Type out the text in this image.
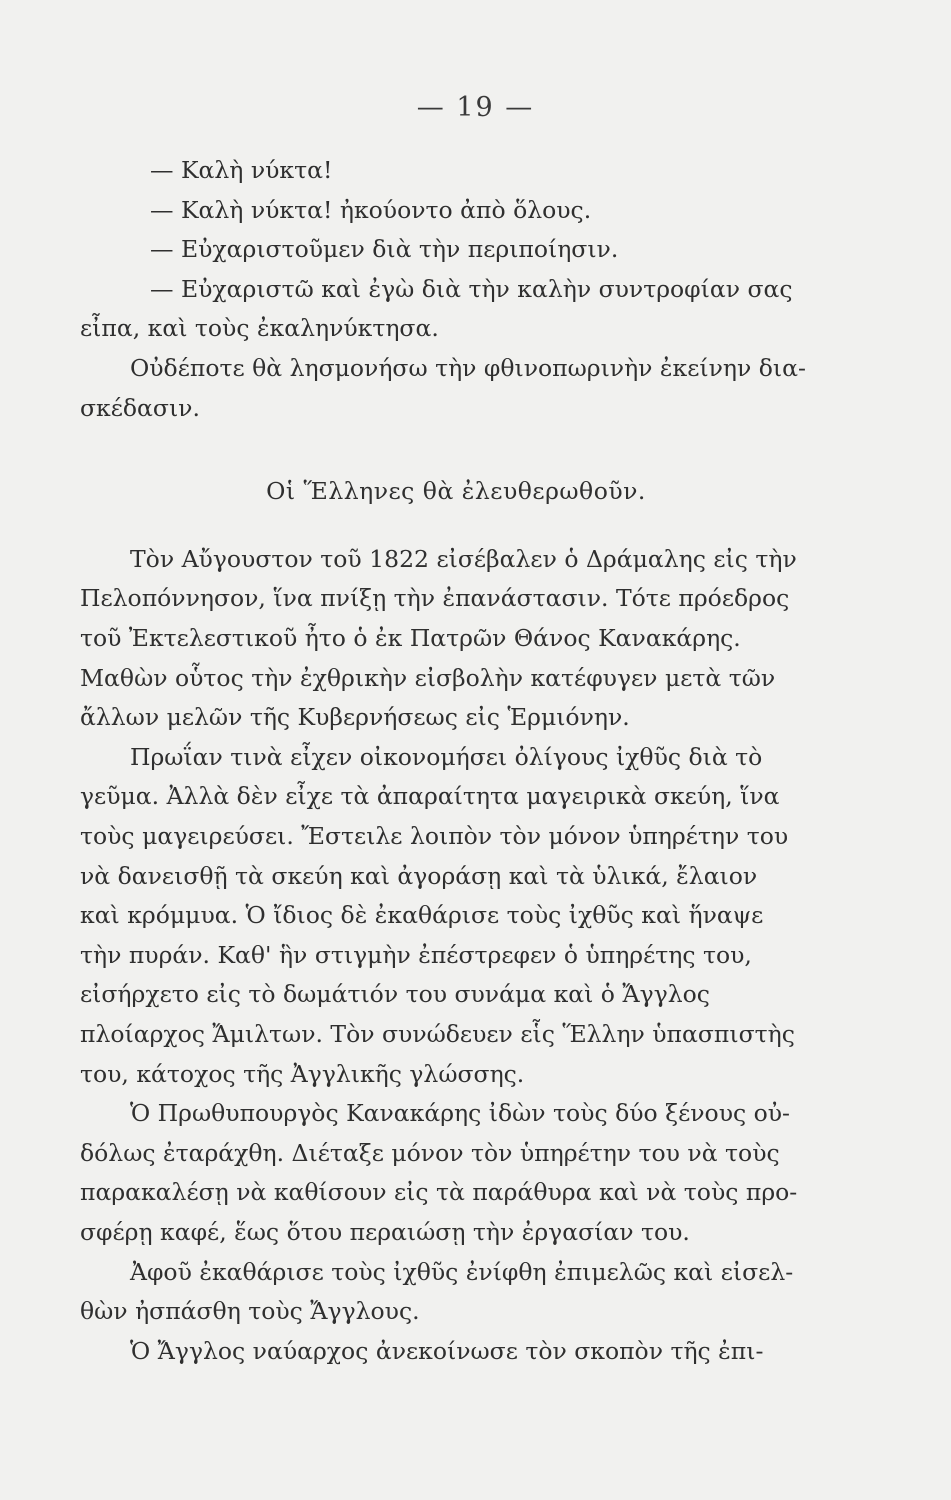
— 19 —
— Καλὴ νύκτα!
— Καλὴ νύκτα! ἠκούοντο ἀπὸ ὅλους.
— Εὐχαριστοῦμεν διὰ τὴν περιποίησιν.
— Εὐχαριστῶ καὶ ἐγὼ διὰ τὴν καλὴν συντροφίαν σας
εἶπα, καὶ τοὺς ἐκαληνύκτησα.
Οὐδέποτε θὰ λησμονήσω τὴν φθινοπωρινὴν ἐκείνην δια-
σκέδασιν.
Οἱ Ἕλληνες θὰ ἐλευθερωθοῦν.
Τὸν Αὔγουστον τοῦ 1822 εἰσέβαλεν ὁ Δράμαλης εἰς τὴν
Πελοπόννησον, ἵνα πνίξῃ τὴν ἐπανάστασιν. Τότε πρόεδρος
τοῦ Ἐκτελεστικοῦ ἦτο ὁ ἐκ Πατρῶν Θάνος Κανακάρης.
Μαθὼν οὗτος τὴν ἐχθρικὴν εἰσβολὴν κατέφυγεν μετὰ τῶν
ἄλλων μελῶν τῆς Κυβερνήσεως εἰς Ἑρμιόνην.
Πρωΐαν τινὰ εἶχεν οἰκονομήσει ὀλίγους ἰχθῦς διὰ τὸ
γεῦμα. Ἀλλὰ δὲν εἶχε τὰ ἀπαραίτητα μαγειρικὰ σκεύη, ἵνα
τοὺς μαγειρεύσει. Ἔστειλε λοιπὸν τὸν μόνον ὑπηρέτην του
νὰ δανεισθῇ τὰ σκεύη καὶ ἀγοράσῃ καὶ τὰ ὑλικά, ἔλαιον
καὶ κρόμμυα. Ὁ ἴδιος δὲ ἐκαθάρισε τοὺς ἰχθῦς καὶ ἥναψε
τὴν πυράν. Καθ' ἣν στιγμὴν ἐπέστρεφεν ὁ ὑπηρέτης του,
εἰσήρχετο εἰς τὸ δωμάτιόν του συνάμα καὶ ὁ Ἄγγλος
πλοίαρχος Ἄμιλτων. Τὸν συνώδευεν εἷς Ἕλλην ὑπασπιστὴς
του, κάτοχος τῆς Ἀγγλικῆς γλώσσης.
Ὁ Πρωθυπουργὸς Κανακάρης ἰδὼν τοὺς δύο ξένους οὐ-
δόλως ἐταράχθη. Διέταξε μόνον τὸν ὑπηρέτην του νὰ τοὺς
παρακαλέσῃ νὰ καθίσουν εἰς τὰ παράθυρα καὶ νὰ τοὺς προ-
σφέρῃ καφέ, ἕως ὅτου περαιώσῃ τὴν ἐργασίαν του.
Ἀφοῦ ἐκαθάρισε τοὺς ἰχθῦς ἐνίφθη ἐπιμελῶς καὶ εἰσελ-
θὼν ἠσπάσθη τοὺς Ἄγγλους.
Ὁ Ἄγγλος ναύαρχος ἀνεκοίνωσε τὸν σκοπὸν τῆς ἐπι-
